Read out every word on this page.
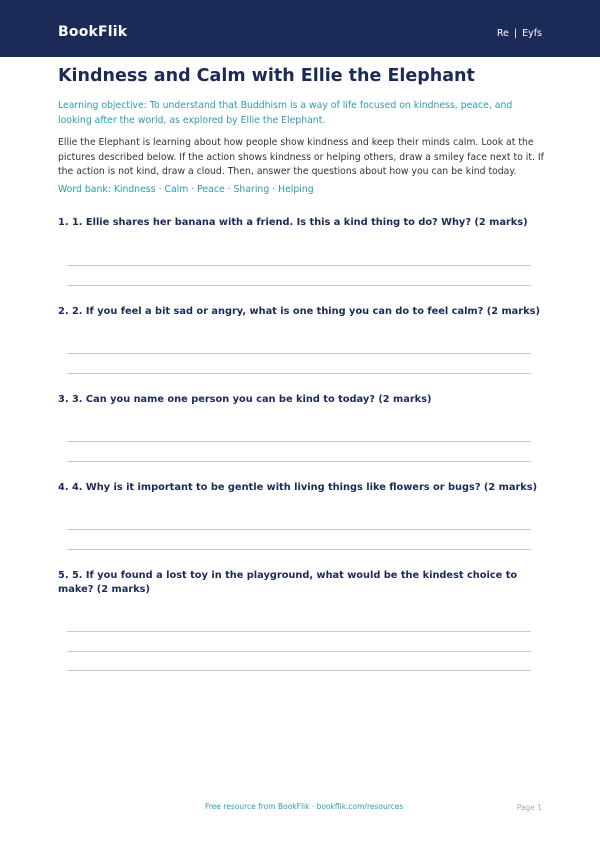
BookFlik	Re | Eyfs
Kindness and Calm with Ellie the Elephant

Learning objective: To understand that Buddhism is a way of life focused on kindness, peace, and looking after the world, as explored by Ellie the Elephant.

Ellie the Elephant is learning about how people show kindness and keep their minds calm. Look at the pictures described below. If the action shows kindness or helping others, draw a smiley face next to it. If the action is not kind, draw a cloud. Then, answer the questions about how you can be kind today.

Word bank: Kindness · Calm · Peace · Sharing · Helping

1. 1. Ellie shares her banana with a friend. Is this a kind thing to do? Why? (2 marks)

2. 2. If you feel a bit sad or angry, what is one thing you can do to feel calm? (2 marks)

3. 3. Can you name one person you can be kind to today? (2 marks)

4. 4. Why is it important to be gentle with living things like flowers or bugs? (2 marks)

5. 5. If you found a lost toy in the playground, what would be the kindest choice to make? (2 marks)

Free resource from BookFlik · bookflik.com/resources	Page 1
